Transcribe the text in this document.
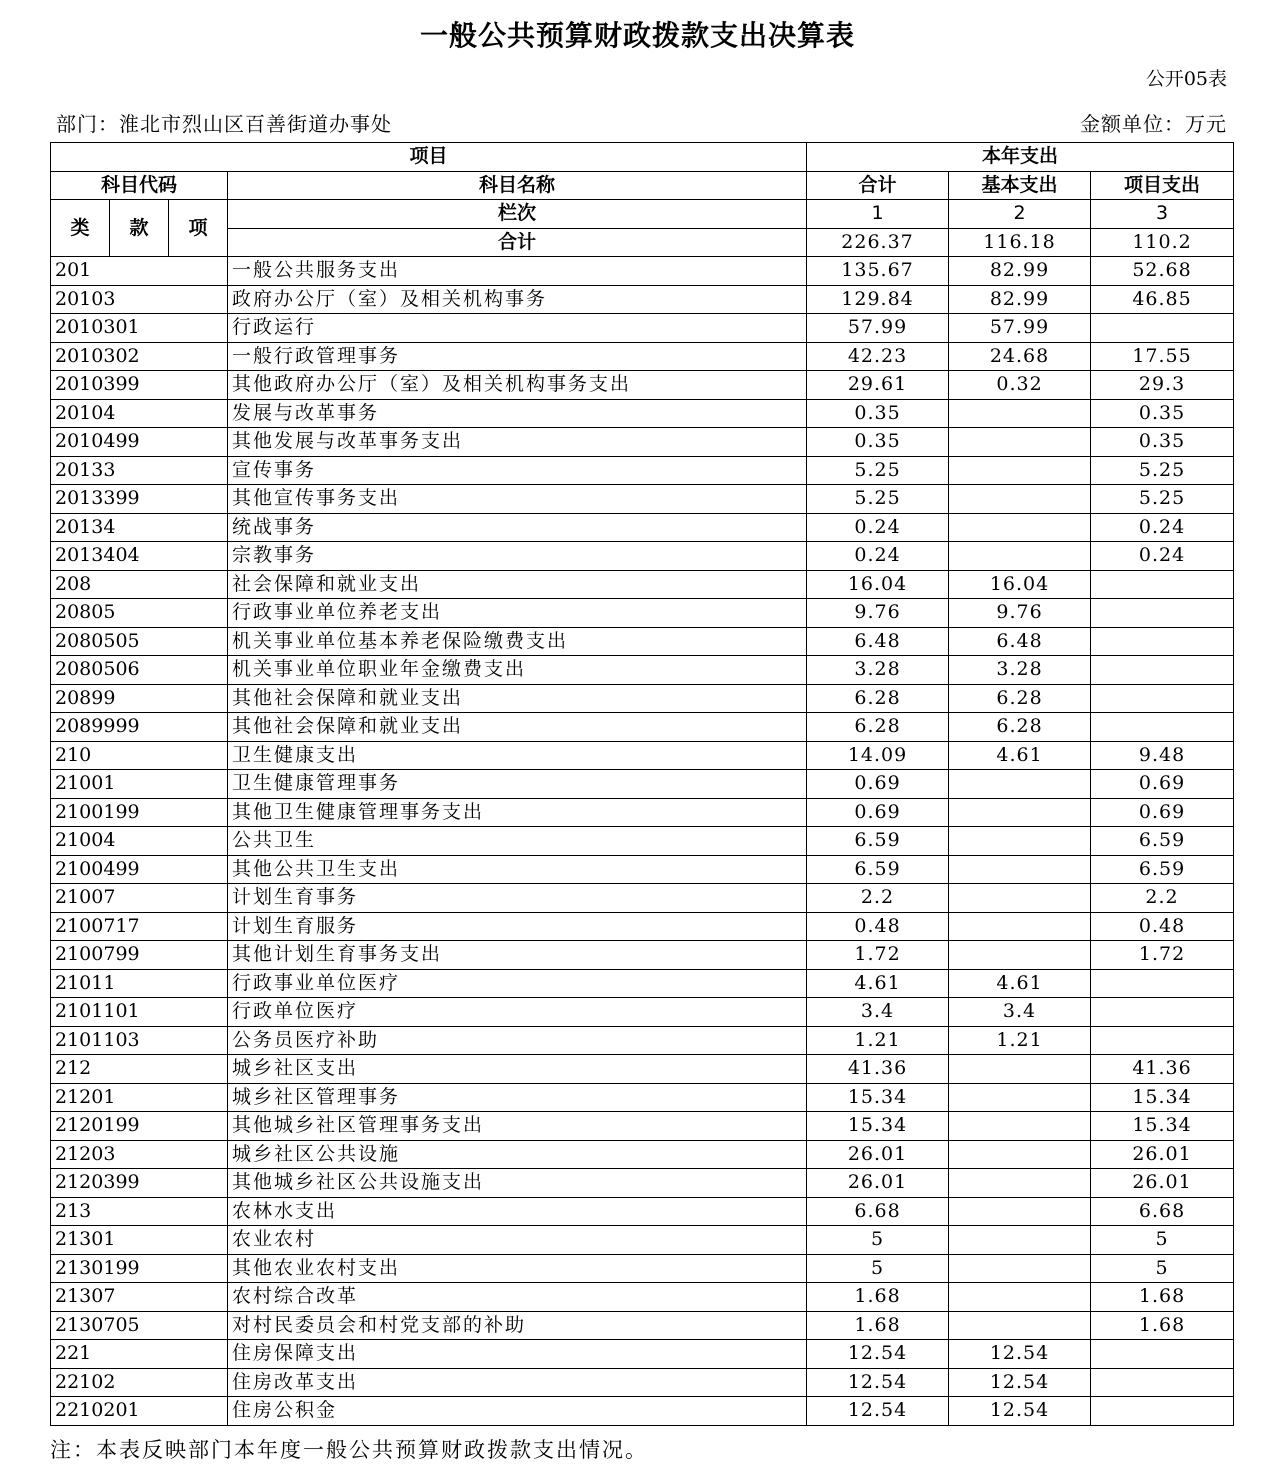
一般公共预算财政拨款支出决算表
公开05表
部门：淮北市烈山区百善街道办事处	金额单位：万元
项目				本年支出		
科目代码			科目名称	合计	基本支出	项目支出
类	款	项	栏次	1	2	3
			合计	226.37	116.18	110.2
201			一般公共服务支出	135.67	82.99	52.68
20103			政府办公厅（室）及相关机构事务	129.84	82.99	46.85
2010301			行政运行	57.99	57.99	
2010302			一般行政管理事务	42.23	24.68	17.55
2010399			其他政府办公厅（室）及相关机构事务支出	29.61	0.32	29.3
20104			发展与改革事务	0.35		0.35
2010499			其他发展与改革事务支出	0.35		0.35
20133			宣传事务	5.25		5.25
2013399			其他宣传事务支出	5.25		5.25
20134			统战事务	0.24		0.24
2013404			宗教事务	0.24		0.24
208			社会保障和就业支出	16.04	16.04	
20805			行政事业单位养老支出	9.76	9.76	
2080505			机关事业单位基本养老保险缴费支出	6.48	6.48	
2080506			机关事业单位职业年金缴费支出	3.28	3.28	
20899			其他社会保障和就业支出	6.28	6.28	
2089999			其他社会保障和就业支出	6.28	6.28	
210			卫生健康支出	14.09	4.61	9.48
21001			卫生健康管理事务	0.69		0.69
2100199			其他卫生健康管理事务支出	0.69		0.69
21004			公共卫生	6.59		6.59
2100499			其他公共卫生支出	6.59		6.59
21007			计划生育事务	2.2		2.2
2100717			计划生育服务	0.48		0.48
2100799			其他计划生育事务支出	1.72		1.72
21011			行政事业单位医疗	4.61	4.61	
2101101			行政单位医疗	3.4	3.4	
2101103			公务员医疗补助	1.21	1.21	
212			城乡社区支出	41.36		41.36
21201			城乡社区管理事务	15.34		15.34
2120199			其他城乡社区管理事务支出	15.34		15.34
21203			城乡社区公共设施	26.01		26.01
2120399			其他城乡社区公共设施支出	26.01		26.01
213			农林水支出	6.68		6.68
21301			农业农村	5		5
2130199			其他农业农村支出	5		5
21307			农村综合改革	1.68		1.68
2130705			对村民委员会和村党支部的补助	1.68		1.68
221			住房保障支出	12.54	12.54	
22102			住房改革支出	12.54	12.54	
2210201			住房公积金	12.54	12.54	
注：本表反映部门本年度一般公共预算财政拨款支出情况。
